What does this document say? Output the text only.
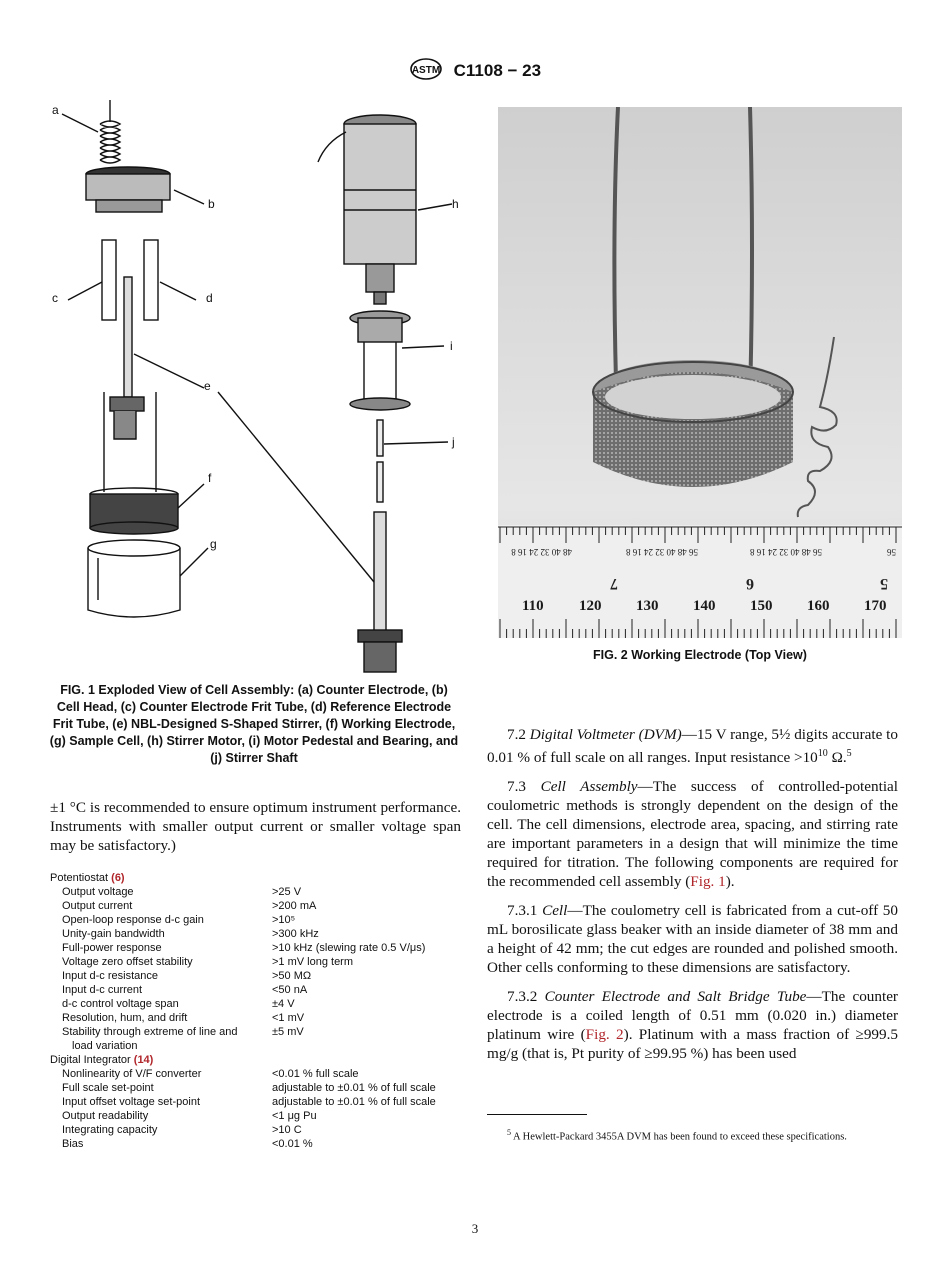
ASTM C1108 − 23
a
b
c	d
e
f
g
h
i
j
FIG. 1 Exploded View of Cell Assembly: (a) Counter Electrode, (b) Cell Head, (c) Counter Electrode Frit Tube, (d) Reference Electrode Frit Tube, (e) NBL-Designed S-Shaped Stirrer, (f) Working Electrode, (g) Sample Cell, (h) Stirrer Motor, (i) Motor Pedestal and Bearing, and (j) Stirrer Shaft
48 40 32 24 16 8	56 48 40 32 24 16 8	56 48 40 32 24 16 8	56
7	6	5
110 120 130 140 150 160 170
FIG. 2 Working Electrode (Top View)
±1 °C is recommended to ensure optimum instrument performance. Instruments with smaller output current or smaller voltage span may be satisfactory.)
Potentiostat (6)
Output voltage	>25 V
Output current	>200 mA
Open-loop response d-c gain	>10⁵
Unity-gain bandwidth	>300 kHz
Full-power response	>10 kHz (slewing rate 0.5 V/μs)
Voltage zero offset stability	>1 mV long term
Input d-c resistance	>50 MΩ
Input d-c current	<50 nA
d-c control voltage span	±4 V
Resolution, hum, and drift	<1 mV
Stability through extreme of line and	±5 mV
load variation
Digital Integrator (14)
Nonlinearity of V/F converter	<0.01 % full scale
Full scale set-point	adjustable to ±0.01 % of full scale
Input offset voltage set-point	adjustable to ±0.01 % of full scale
Output readability	<1 μg Pu
Integrating capacity	>10 C
Bias	<0.01 %

7.2 Digital Voltmeter (DVM)—15 V range, 5½ digits accurate to 0.01 % of full scale on all ranges. Input resistance $>10^{10}$ Ω.$^5$

7.3 Cell Assembly—The success of controlled-potential coulometric methods is strongly dependent on the design of the cell. The cell dimensions, electrode area, spacing, and stirring rate are important parameters in a design that will minimize the time required for titration. The following components are required for the recommended cell assembly (Fig. 1).

7.3.1 Cell—The coulometry cell is fabricated from a cut-off 50 mL borosilicate glass beaker with an inside diameter of 38 mm and a height of 42 mm; the cut edges are rounded and polished smooth. Other cells conforming to these dimensions are satisfactory.

7.3.2 Counter Electrode and Salt Bridge Tube—The counter electrode is a coiled length of 0.51 mm (0.020 in.) diameter platinum wire (Fig. 2). Platinum with a mass fraction of ≥999.5 mg/g (that is, Pt purity of ≥99.95 %) has been used

$^5$ A Hewlett-Packard 3455A DVM has been found to exceed these specifications.
3
